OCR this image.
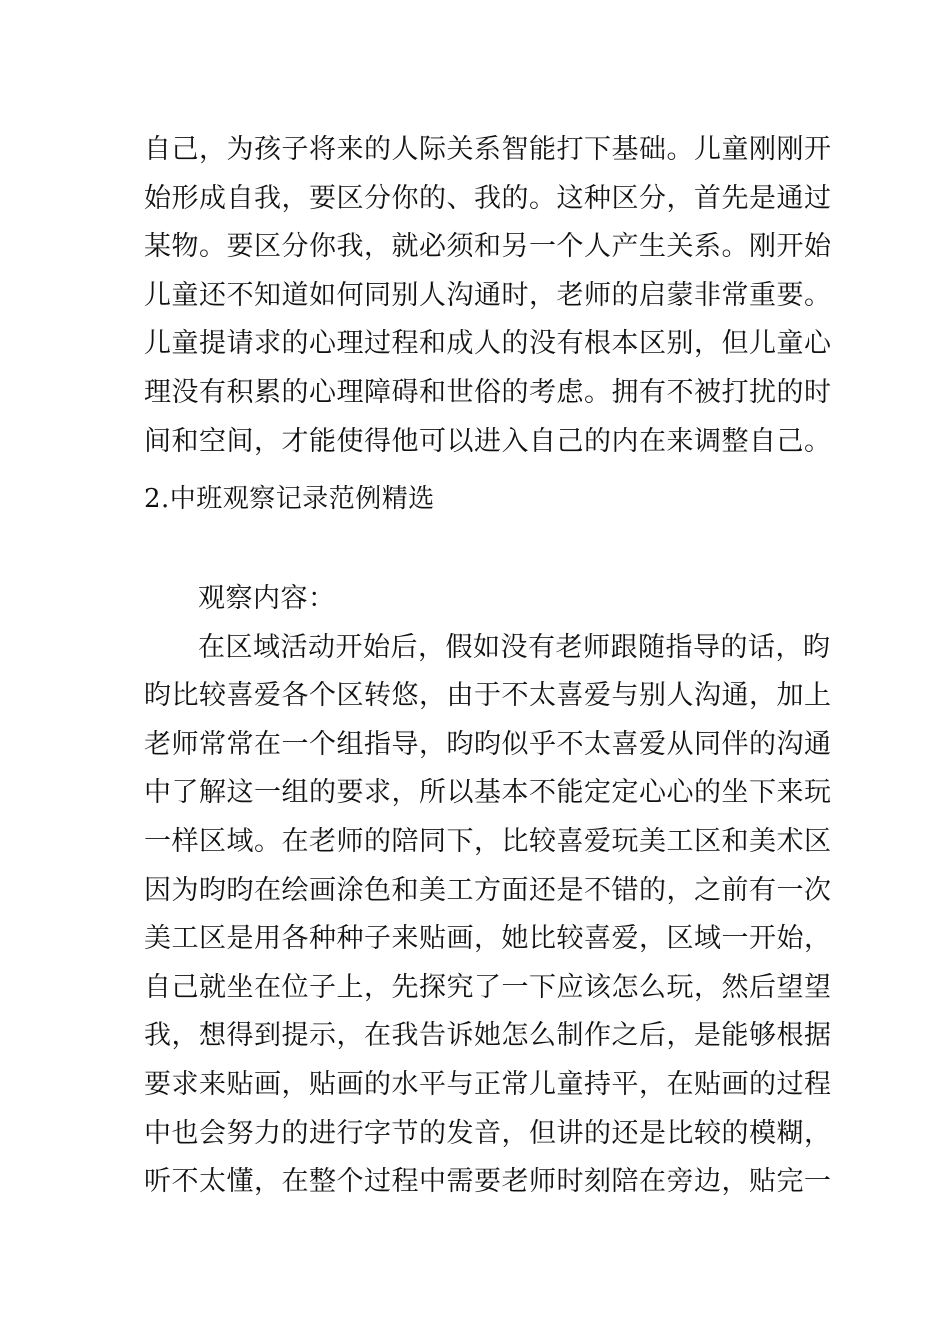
自己，为孩子将来的人际关系智能打下基础。儿童刚刚开
始形成自我，要区分你的、我的。这种区分，首先是通过
某物。要区分你我，就必须和另一个人产生关系。刚开始
儿童还不知道如何同别人沟通时，老师的启蒙非常重要。
儿童提请求的心理过程和成人的没有根本区别，但儿童心
理没有积累的心理障碍和世俗的考虑。拥有不被打扰的时
间和空间，才能使得他可以进入自己的内在来调整自己。
2.中班观察记录范例精选
观察内容：
在区域活动开始后，假如没有老师跟随指导的话，昀
昀比较喜爱各个区转悠，由于不太喜爱与别人沟通，加上
老师常常在一个组指导，昀昀似乎不太喜爱从同伴的沟通
中了解这一组的要求，所以基本不能定定心心的坐下来玩
一样区域。在老师的陪同下，比较喜爱玩美工区和美术区
因为昀昀在绘画涂色和美工方面还是不错的，之前有一次
美工区是用各种种子来贴画，她比较喜爱，区域一开始，
自己就坐在位子上，先探究了一下应该怎么玩，然后望望
我，想得到提示，在我告诉她怎么制作之后，是能够根据
要求来贴画，贴画的水平与正常儿童持平，在贴画的过程
中也会努力的进行字节的发音，但讲的还是比较的模糊，
听不太懂，在整个过程中需要老师时刻陪在旁边，贴完一
